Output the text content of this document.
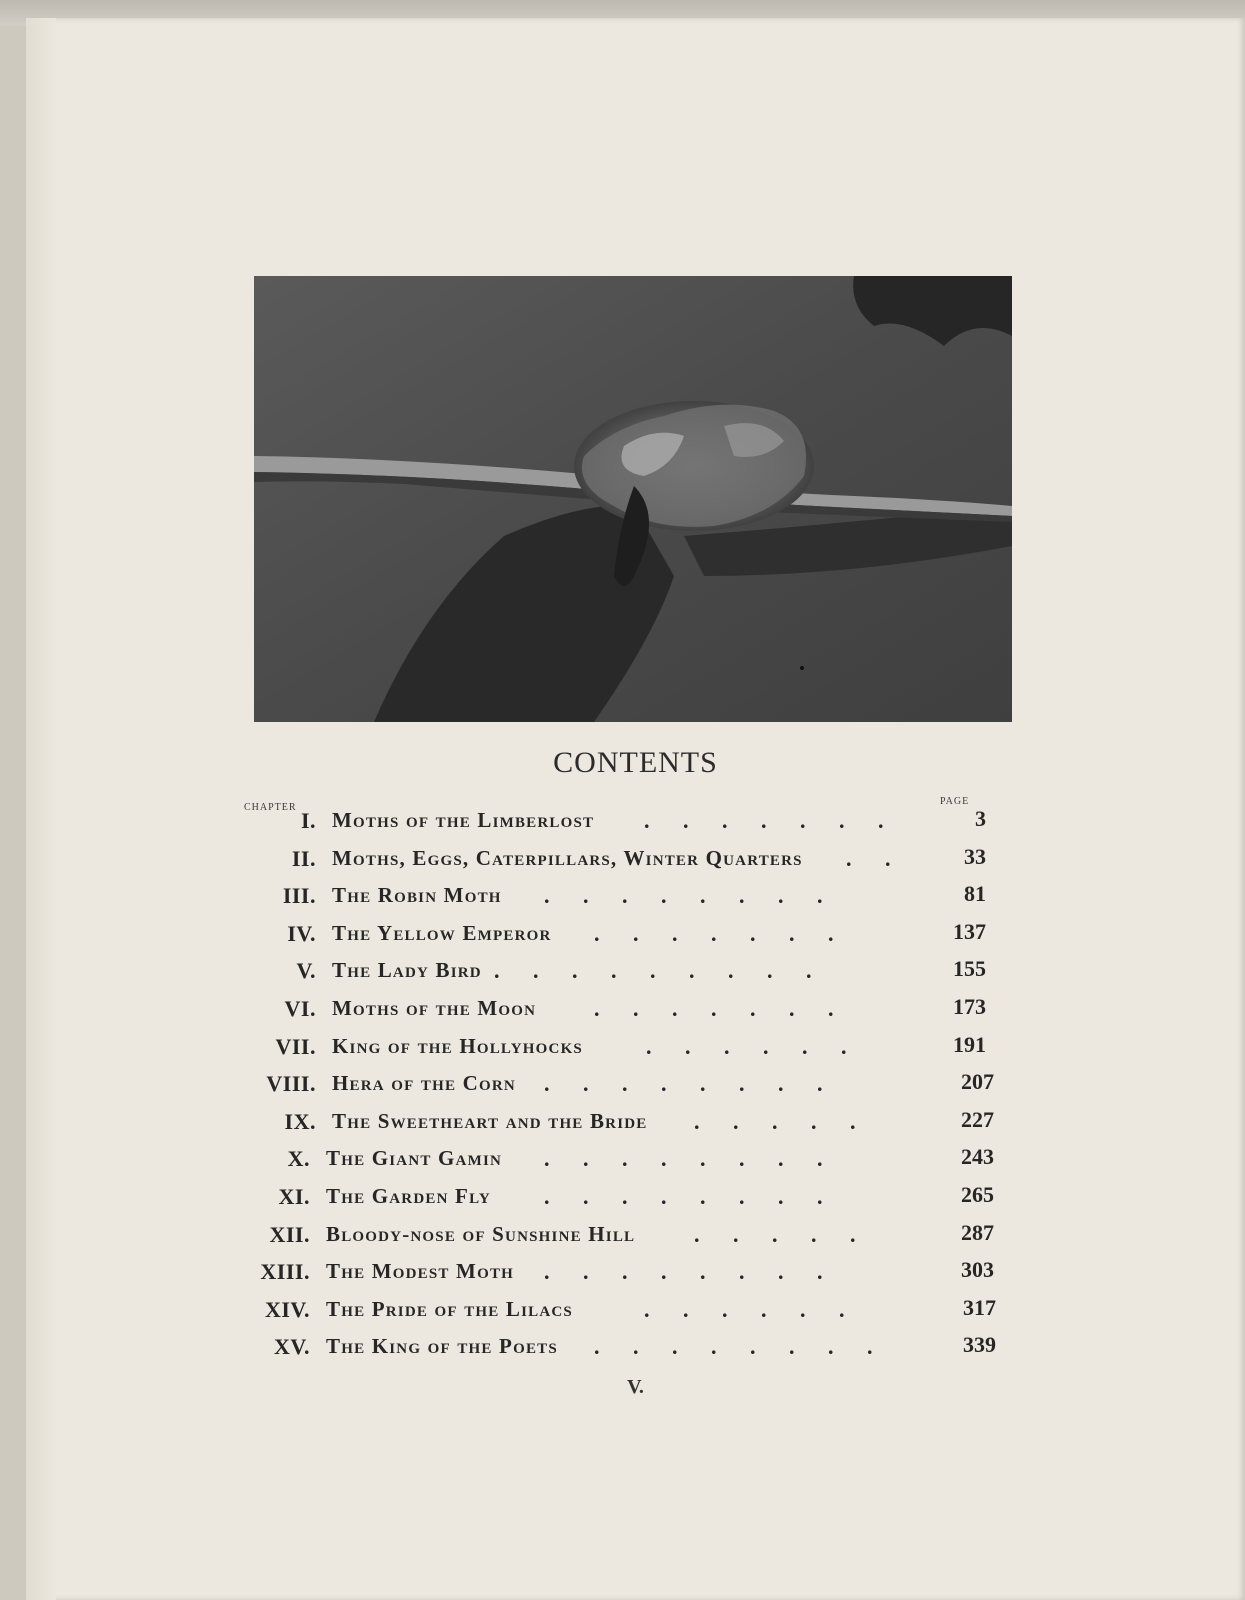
CONTENTS
CHAPTER
PAGE
I. Moths of the Limberlost . . . . . . .	3
II. Moths, Eggs, Caterpillars, Winter Quarters . .	33
III. The Robin Moth . . . . . . . .	81
IV. The Yellow Emperor . . . . . . .	137
V. The Lady Bird . . . . . . . . .	155
VI. Moths of the Moon	. . . . . . .	173
VII. King of the Hollyhocks	. . . . . .	191
VIII. Hera of the Corn . . . . . . . .	207
IX. The Sweetheart and the Bride . . . . .	227
X. The Giant Gamin . . . . . . . .	243
XI. The Garden Fly . . . . . . . .	265
XII. Bloody-nose of Sunshine Hill	. . . . .	287
XIII. The Modest Moth . . . . . . . .	303
XIV. The Pride of the Lilacs	. . . . . .	317
XV. The King of the Poets . . . . . . . .	339
V.
